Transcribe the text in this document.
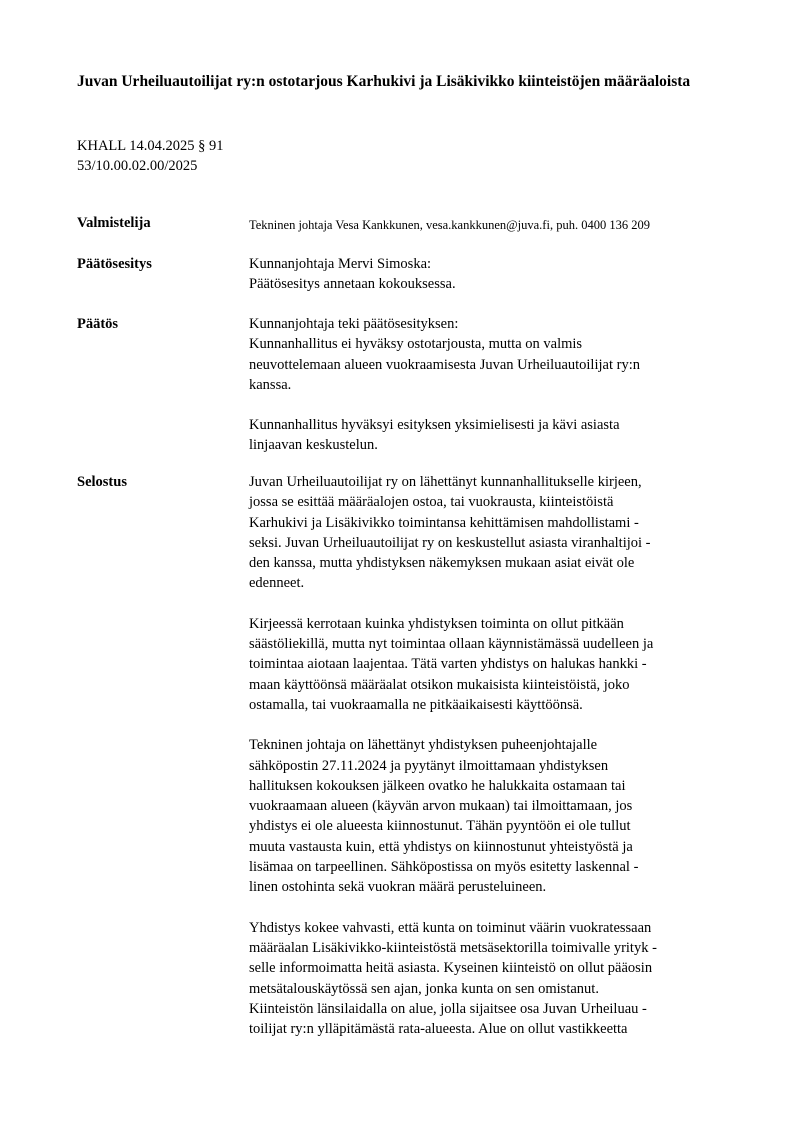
Juvan Urheiluautoilijat ry:n ostotarjous Karhukivi ja Lisäkivikko kiinteistöjen määräaloista
KHALL 14.04.2025 § 91
53/10.00.02.00/2025
Valmistelija	Tekninen johtaja Vesa Kankkunen, vesa.kankkunen@juva.fi, puh. 0400 136 209
Päätösesitys	Kunnanjohtaja Mervi Simoska:
Päätösesitys annetaan kokouksessa.
Päätös	Kunnanjohtaja teki päätösesityksen:
Kunnanhallitus ei hyväksy ostotarjousta, mutta on valmis
neuvottelemaan alueen vuokraamisesta Juvan Urheiluautoilijat ry:n
kanssa.
Kunnanhallitus hyväksyi esityksen yksimielisesti ja kävi asiasta
linjaavan keskustelun.
Selostus	Juvan Urheiluautoilijat ry on lähettänyt kunnanhallitukselle kirjeen,
jossa se esittää määräalojen ostoa, tai vuokrausta, kiinteistöistä
Karhukivi ja Lisäkivikko toimintansa kehittämisen mahdollistami -
seksi. Juvan Urheiluautoilijat ry on keskustellut asiasta viranhaltijoi -
den kanssa, mutta yhdistyksen näkemyksen mukaan asiat eivät ole
edenneet.
Kirjeessä kerrotaan kuinka yhdistyksen toiminta on ollut pitkään
säästöliekillä, mutta nyt toimintaa ollaan käynnistämässä uudelleen ja
toimintaa aiotaan laajentaa. Tätä varten yhdistys on halukas hankki -
maan käyttöönsä määräalat otsikon mukaisista kiinteistöistä, joko
ostamalla, tai vuokraamalla ne pitkäaikaisesti käyttöönsä.
Tekninen johtaja on lähettänyt yhdistyksen puheenjohtajalle
sähköpostin 27.11.2024 ja pyytänyt ilmoittamaan yhdistyksen
hallituksen kokouksen jälkeen ovatko he halukkaita ostamaan tai
vuokraamaan alueen (käyvän arvon mukaan) tai ilmoittamaan, jos
yhdistys ei ole alueesta kiinnostunut. Tähän pyyntöön ei ole tullut
muuta vastausta kuin, että yhdistys on kiinnostunut yhteistyöstä ja
lisämaa on tarpeellinen. Sähköpostissa on myös esitetty laskennal -
linen ostohinta sekä vuokran määrä perusteluineen.
Yhdistys kokee vahvasti, että kunta on toiminut väärin vuokratessaan
määräalan Lisäkivikko-kiinteistöstä metsäsektorilla toimivalle yrityk -
selle informoimatta heitä asiasta. Kyseinen kiinteistö on ollut pääosin
metsätalouskäytössä sen ajan, jonka kunta on sen omistanut.
Kiinteistön länsilaidalla on alue, jolla sijaitsee osa Juvan Urheiluau -
toilijat ry:n ylläpitämästä rata-alueesta. Alue on ollut vastikkeetta
